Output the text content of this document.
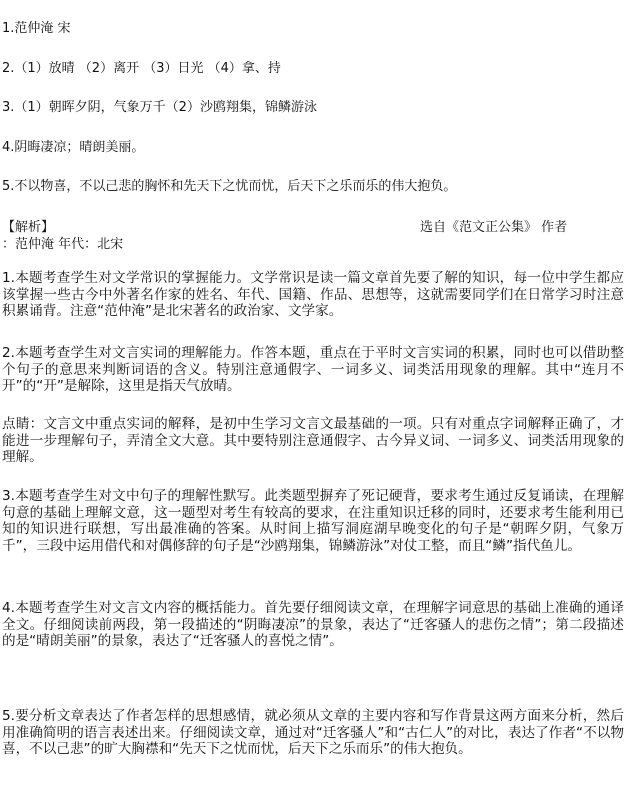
1.范仲淹 宋
2.（1）放晴 （2）离开 （3）日光 （4）拿、持
3.（1）朝晖夕阴，气象万千（2）沙鸥翔集，锦鳞游泳
4.阴晦凄凉；晴朗美丽。
5.不以物喜，不以己悲的胸怀和先天下之忧而忧，后天下之乐而乐的伟大抱负。
【解析】	选自《范文正公集》 作者
：范仲淹 年代：北宋
1.本题考查学生对文学常识的掌握能力。文学常识是读一篇文章首先要了解的知识，每一位中学生都应该掌握一些古今中外著名作家的姓名、年代、国籍、作品、思想等，这就需要同学们在日常学习时注意积累诵背。注意“范仲淹”是北宋著名的政治家、文学家。
2.本题考查学生对文言实词的理解能力。作答本题，重点在于平时文言实词的积累，同时也可以借助整个句子的意思来判断词语的含义。特别注意通假字、一词多义、词类活用现象的理解。其中“连月不开”的“开”是解除，这里是指天气放晴。
点睛：文言文中重点实词的解释，是初中生学习文言文最基础的一项。只有对重点字词解释正确了，才能进一步理解句子，弄清全文大意。其中要特别注意通假字、古今异义词、一词多义、词类活用现象的理解。
3.本题考查学生对文中句子的理解性默写。此类题型摒弃了死记硬背，要求考生通过反复诵读，在理解句意的基础上理解文意，这一题型对考生有较高的要求，在注重知识迁移的同时，还要求考生能利用已知的知识进行联想，写出最准确的答案。从时间上描写洞庭湖早晚变化的句子是“朝晖夕阴，气象万千”，三段中运用借代和对偶修辞的句子是“沙鸥翔集，锦鳞游泳”对仗工整，而且“鳞”指代鱼儿。
4.本题考查学生对文言文内容的概括能力。首先要仔细阅读文章，在理解字词意思的基础上准确的通译全文。仔细阅读前两段，第一段描述的“阴晦凄凉”的景象，表达了“迁客骚人的悲伤之情”；第二段描述的是“晴朗美丽”的景象，表达了“迁客骚人的喜悦之情”。
5.要分析文章表达了作者怎样的思想感情，就必须从文章的主要内容和写作背景这两方面来分析，然后用准确简明的语言表述出来。仔细阅读文章，通过对“迁客骚人”和“古仁人”的对比，表达了作者“不以物喜，不以己悲”的旷大胸襟和“先天下之忧而忧，后天下之乐而乐”的伟大抱负。
